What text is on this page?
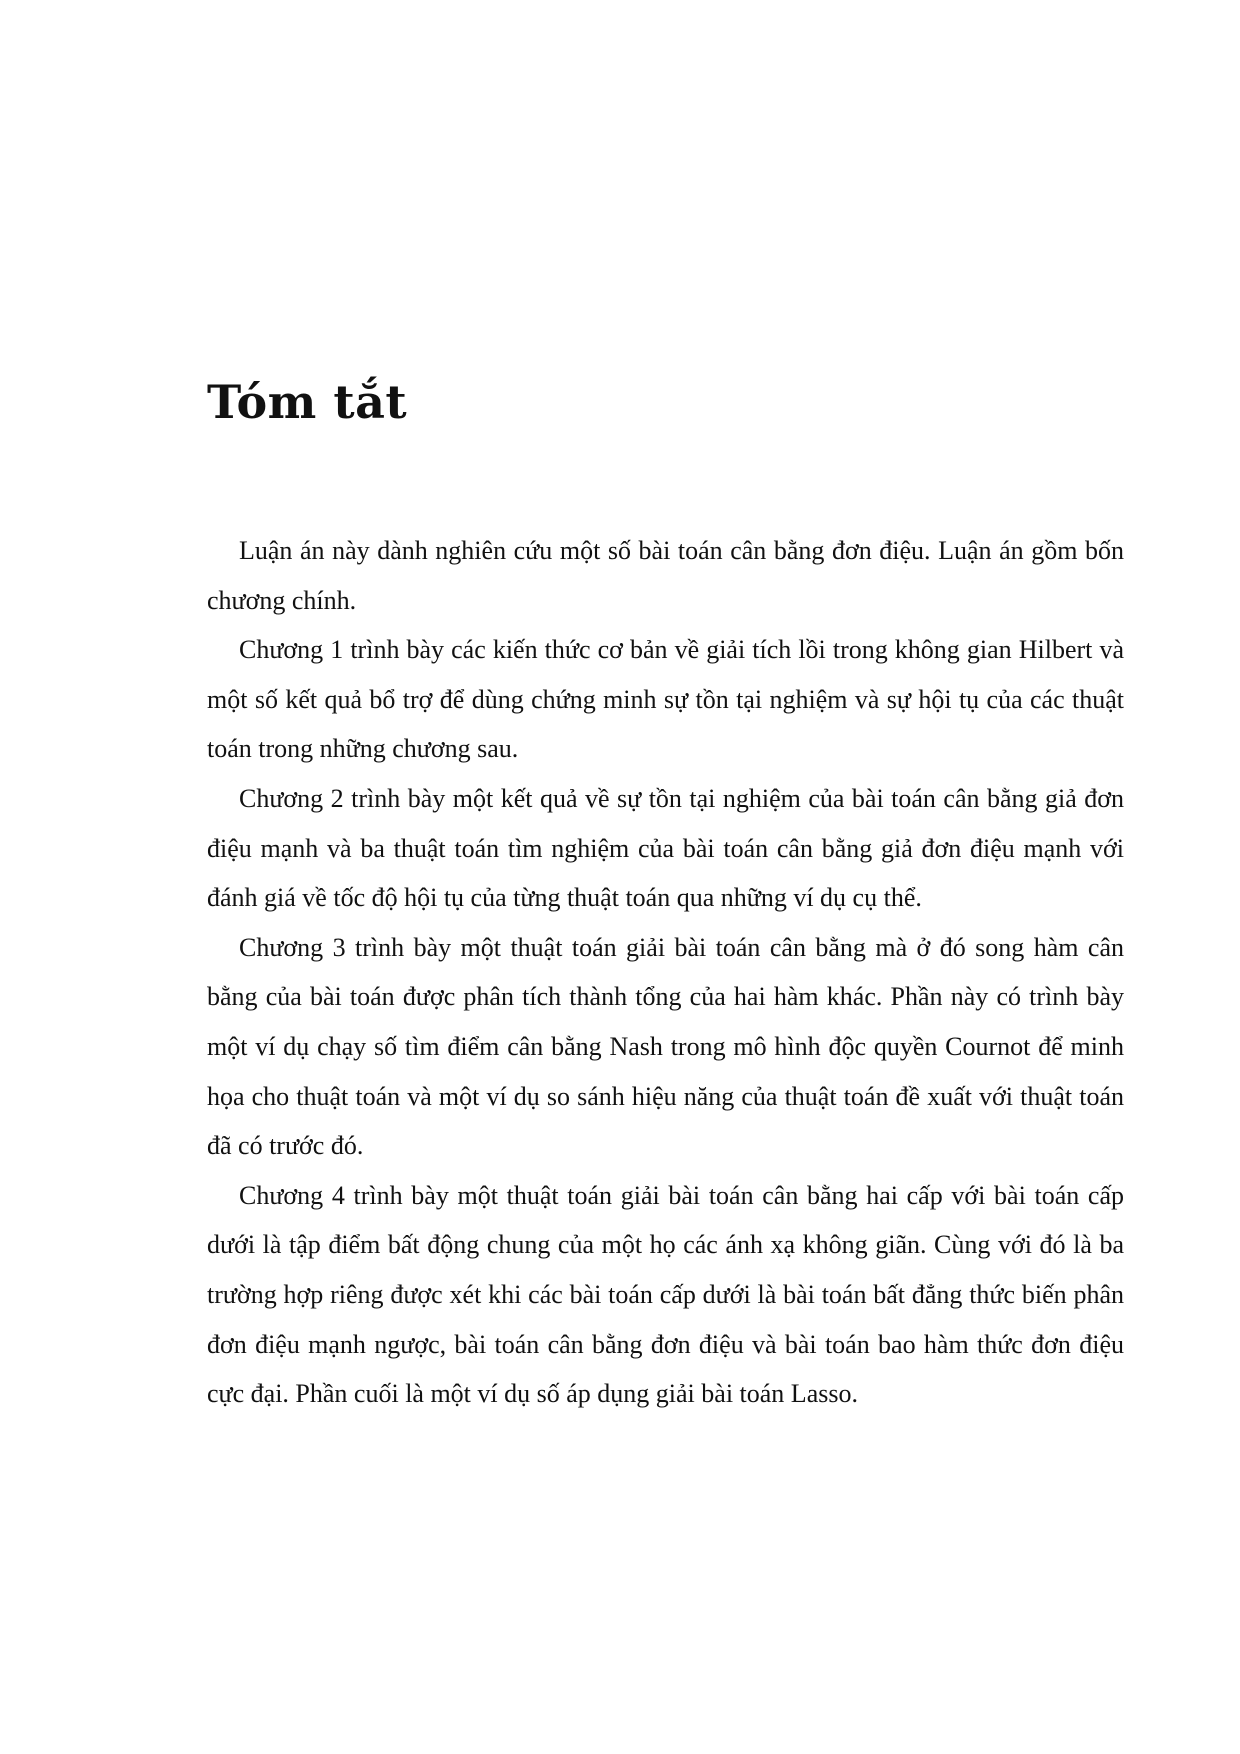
Tóm tắt

Luận án này dành nghiên cứu một số bài toán cân bằng đơn điệu. Luận án gồm bốn chương chính.

Chương 1 trình bày các kiến thức cơ bản về giải tích lồi trong không gian Hilbert và một số kết quả bổ trợ để dùng chứng minh sự tồn tại nghiệm và sự hội tụ của các thuật toán trong những chương sau.

Chương 2 trình bày một kết quả về sự tồn tại nghiệm của bài toán cân bằng giả đơn điệu mạnh và ba thuật toán tìm nghiệm của bài toán cân bằng giả đơn điệu mạnh với đánh giá về tốc độ hội tụ của từng thuật toán qua những ví dụ cụ thể.

Chương 3 trình bày một thuật toán giải bài toán cân bằng mà ở đó song hàm cân bằng của bài toán được phân tích thành tổng của hai hàm khác. Phần này có trình bày một ví dụ chạy số tìm điểm cân bằng Nash trong mô hình độc quyền Cournot để minh họa cho thuật toán và một ví dụ so sánh hiệu năng của thuật toán đề xuất với thuật toán đã có trước đó.

Chương 4 trình bày một thuật toán giải bài toán cân bằng hai cấp với bài toán cấp dưới là tập điểm bất động chung của một họ các ánh xạ không giãn. Cùng với đó là ba trường hợp riêng được xét khi các bài toán cấp dưới là bài toán bất đẳng thức biến phân đơn điệu mạnh ngược, bài toán cân bằng đơn điệu và bài toán bao hàm thức đơn điệu cực đại. Phần cuối là một ví dụ số áp dụng giải bài toán Lasso.
